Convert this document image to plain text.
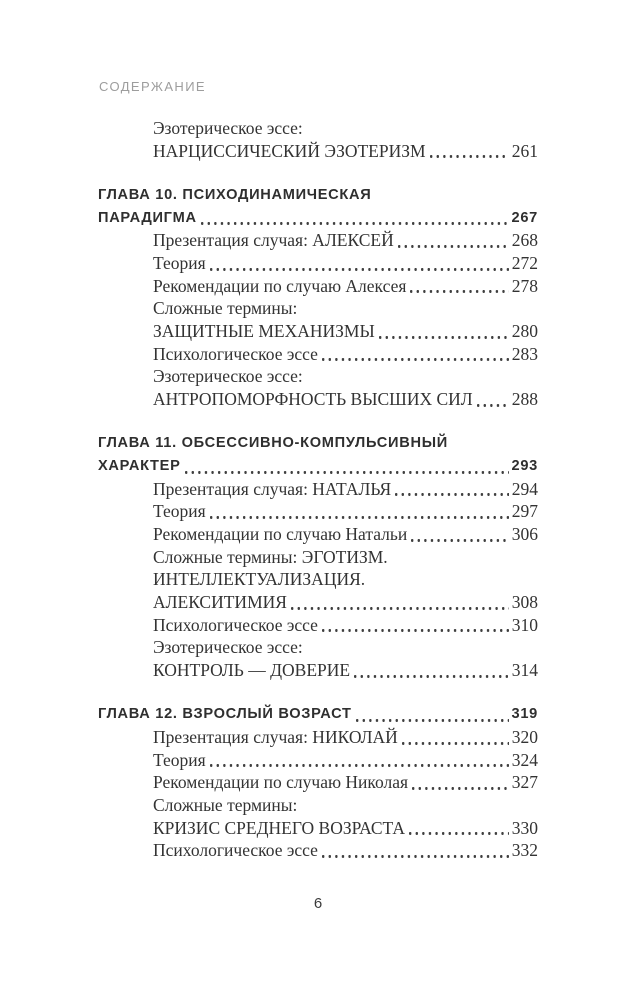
СОДЕРЖАНИЕ
Эзотерическое эссе:
НАРЦИССИЧЕСКИЙ ЭЗОТЕРИЗМ	261
ГЛАВА 10. ПСИХОДИНАМИЧЕСКАЯ
ПАРАДИГМА	267
Презентация случая: АЛЕКСЕЙ	268
Теория	272
Рекомендации по случаю Алексея	278
Сложные термины:
ЗАЩИТНЫЕ МЕХАНИЗМЫ	280
Психологическое эссе	283
Эзотерическое эссе:
АНТРОПОМОРФНОСТЬ ВЫСШИХ СИЛ 288
ГЛАВА 11. ОБСЕССИВНО-КОМПУЛЬСИВНЫЙ
ХАРАКТЕР	293
Презентация случая: НАТАЛЬЯ	294
Теория	297
Рекомендации по случаю Натальи	306
Сложные термины: ЭГОТИЗМ.
ИНТЕЛЛЕКТУАЛИЗАЦИЯ.
АЛЕКСИТИМИЯ	308
Психологическое эссе	310
Эзотерическое эссе:
КОНТРОЛЬ — ДОВЕРИЕ	314
ГЛАВА 12. ВЗРОСЛЫЙ ВОЗРАСТ	319
Презентация случая: НИКОЛАЙ	320
Теория	324
Рекомендации по случаю Николая	327
Сложные термины:
КРИЗИС СРЕДНЕГО ВОЗРАСТА	330
Психологическое эссе	332
6
